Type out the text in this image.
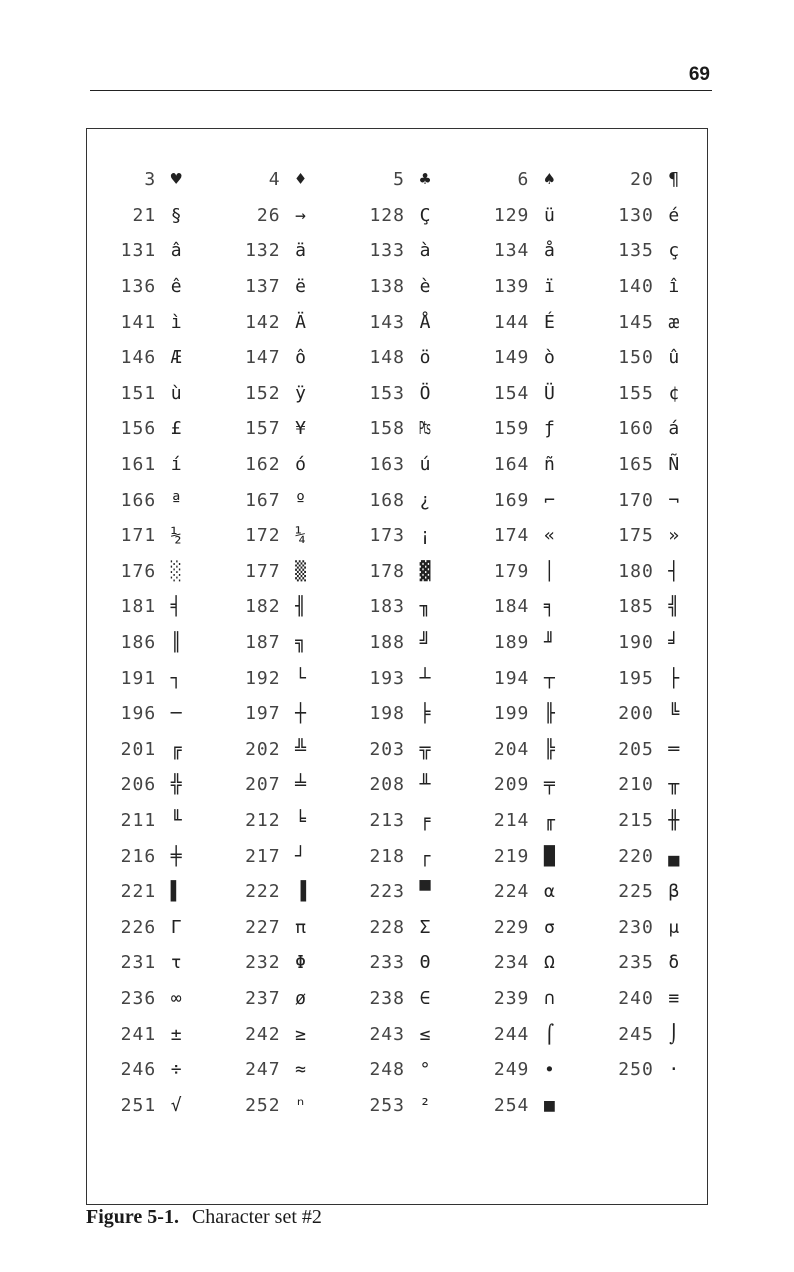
69
3 ♥	4 ♦	5 ♣	6 ♠	20 ¶
21 §	26 →	128 Ç	129 ü	130 é
131 â	132 ä	133 à	134 å	135 ç
136 ê	137 ë	138 è	139 ï	140 î
141 ì	142 Ä	143 Å	144 É	145 æ
146 Æ	147 ô	148 ö	149 ò	150 û
151 ù	152 ÿ	153 Ö	154 Ü	155 ¢
156 £	157 ¥	158 ₧	159 ƒ	160 á
161 í	162 ó	163 ú	164 ñ	165 Ñ
166 ª	167 º	168 ¿	169 ⌐	170 ¬
171 ½	172 ¼	173 ¡	174 «	175 »
176 ░	177 ▒	178 ▓	179 │	180 ┤
181 ╡	182 ╢	183 ╖	184 ╕	185 ╣
186 ║	187 ╗	188 ╝	189 ╜	190 ╛
191 ┐	192 └	193 ┴	194 ┬	195 ├
196 ─	197 ┼	198 ╞	199 ╟	200 ╚
201 ╔	202 ╩	203 ╦	204 ╠	205 ═
206 ╬	207 ╧	208 ╨	209 ╤	210 ╥
211 ╙	212 ╘	213 ╒	214 ╓	215 ╫
216 ╪	217 ┘	218 ┌	219 █	220 ▄
221 ▌	222 ▐	223 ▀	224 α	225 β
226 Γ	227 π	228 Σ	229 σ	230 μ
231 τ	232 Φ	233 Θ	234 Ω	235 δ
236 ∞	237 ø	238 ∈	239 ∩	240 ≡
241 ±	242 ≥	243 ≤	244 ⌠	245 ⌡
246 ÷	247 ≈	248 °	249 ∙	250 ·
251 √	252 ⁿ	253 ²	254 ■
Figure 5-1. Character set #2
